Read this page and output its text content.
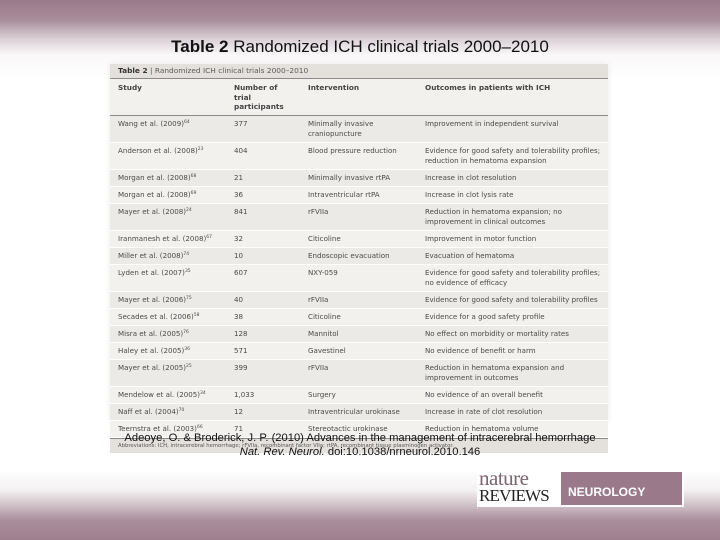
Table 2 Randomized ICH clinical trials 2000–2010
Table 2 | Randomized ICH clinical trials 2000–2010
Study	Number of trial participants	Intervention	Outcomes in patients with ICH
Wang et al. $(2009)^{64}$	377	Minimally invasive craniopuncture	Improvement in independent survival
Anderson et al. $(2008)^{23}$	404	Blood pressure reduction	Evidence for good safety and tolerability profiles; reduction in hematoma expansion
Morgan et al. $(2008)^{68}$	21	Minimally invasive rtPA	Increase in clot resolution
Morgan et al. $(2008)^{69}$	36	Intraventricular rtPA	Increase in clot lysis rate
Mayer et al. $(2008)^{24}$	841	rFVIIa	Reduction in hematoma expansion; no improvement in clinical outcomes
Iranmanesh et al. $(2008)^{67}$	32	Citicoline	Improvement in motor function
Miller et al. $(2008)^{74}$	10	Endoscopic evacuation	Evacuation of hematoma
Lyden et al. $(2007)^{35}$	607	NXY-059	Evidence for good safety and tolerability profiles; no evidence of efficacy
Mayer et al. $(2006)^{75}$	40	rFVIIa	Evidence for good safety and tolerability profiles
Secades et al. $(2006)^{58}$	38	Citicoline	Evidence for a good safety profile
Misra et al. $(2005)^{76}$	128	Mannitol	No effect on morbidity or mortality rates
Haley et al. $(2005)^{36}$	571	Gavestinel	No evidence of benefit or harm
Mayer et al. $(2005)^{25}$	399	rFVIIa	Reduction in hematoma expansion and improvement in outcomes
Mendelow et al. $(2005)^{34}$	1,033	Surgery	No evidence of an overall benefit
Naff et al. $(2004)^{70}$	12	Intraventricular urokinase	Increase in rate of clot resolution
Teernstra et al. $(2003)^{66}$	71	Stereotactic urokinase	Reduction in hematoma volume
Abbreviations: ICH, intracerebral hemorrhage; rFVIIa, recombinant factor VIIa; rtPA, recombinant tissue plasminogen activator.
Adeoye, O. & Broderick, J. P. (2010) Advances in the management of intracerebral hemorrhage
Nat. Rev. Neurol. doi:10.1038/nrneurol.2010.146
nature
REVIEWS	NEUROLOGY
